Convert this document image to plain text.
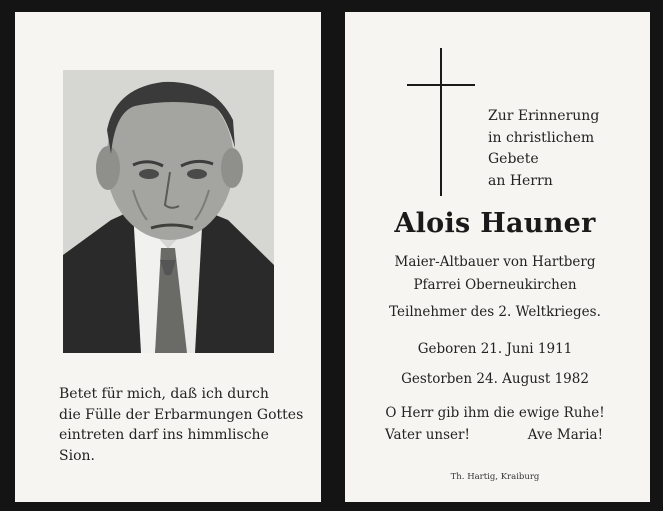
Betet für mich, daß ich durch
die Fülle der Erbarmungen Gottes
eintreten darf ins himmlische
Sion.
Zur Erinnerung
in christlichem
Gebete
an Herrn
Alois Hauner
Maier-Altbauer von Hartberg
Pfarrei Oberneukirchen
Teilnehmer des 2. Weltkrieges.
Geboren 21. Juni 1911
Gestorben 24. August 1982
O Herr gib ihm die ewige Ruhe!
Vater unser!	Ave Maria!
Th. Hartig, Kraiburg
